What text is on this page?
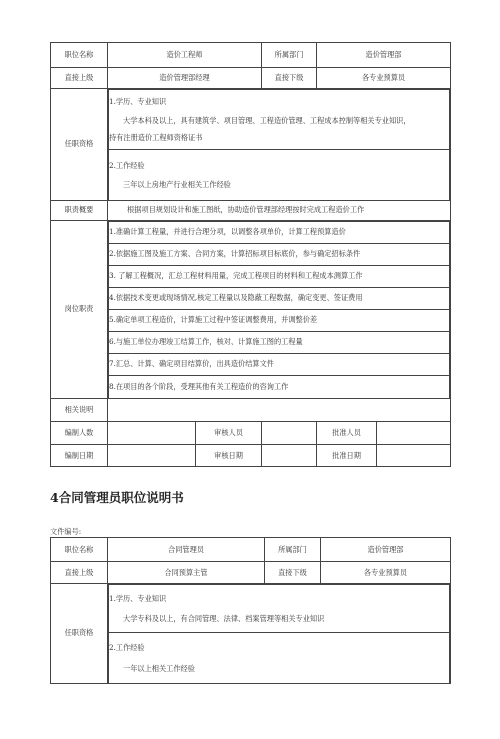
职位名称	造价工程师	所属部门	造价管理部
直接上级	造价管理部经理	直接下级	各专业预算员
任职资格	
1.学历、专业知识
大学本科及以上，具有建筑学、项目管理、工程造价管理、工程成本控制等相关专业知识，
持有注册造价工程师资格证书

2.工作经验
三年以上房地产行业相关工作经验

职责概要	根据项目规划设计和施工图纸，协助造价管理部经理按时完成工程造价工作
岗位职责	
1.准确计算工程量，并进行合理分项，以调整各项单价，计算工程预算造价
2.依据施工图及施工方案、合同方案，计算招标项目标底价，参与确定招标条件
3. 了解工程概况，汇总工程材料用量，完成工程项目的材料和工程成本测算工作
4.依据技术变更或现场情况,核定工程量以及隐蔽工程数据，确定变更、签证费用
5.确定单项工程造价，计算施工过程中签证调整费用，并调整价差
6.与施工单位办理竣工结算工作，核对、计算施工图的工程量
7.汇总、计算、确定项目结算价，出具造价结算文件
8.在项目的各个阶段，受理其他有关工程造价的咨询工作

相关说明	
编制人数		审核人员		批准人员	
编制日期		审核日期		批准日期	
4合同管理员职位说明书
文件编号:
职位名称	合同管理员	所属部门	造价管理部
直接上级	合同预算主管	直接下级	各专业预算员
任职资格	
1.学历、专业知识
大学专科及以上，有合同管理、法律、档案管理等相关专业知识

2.工作经验
一年以上相关工作经验
